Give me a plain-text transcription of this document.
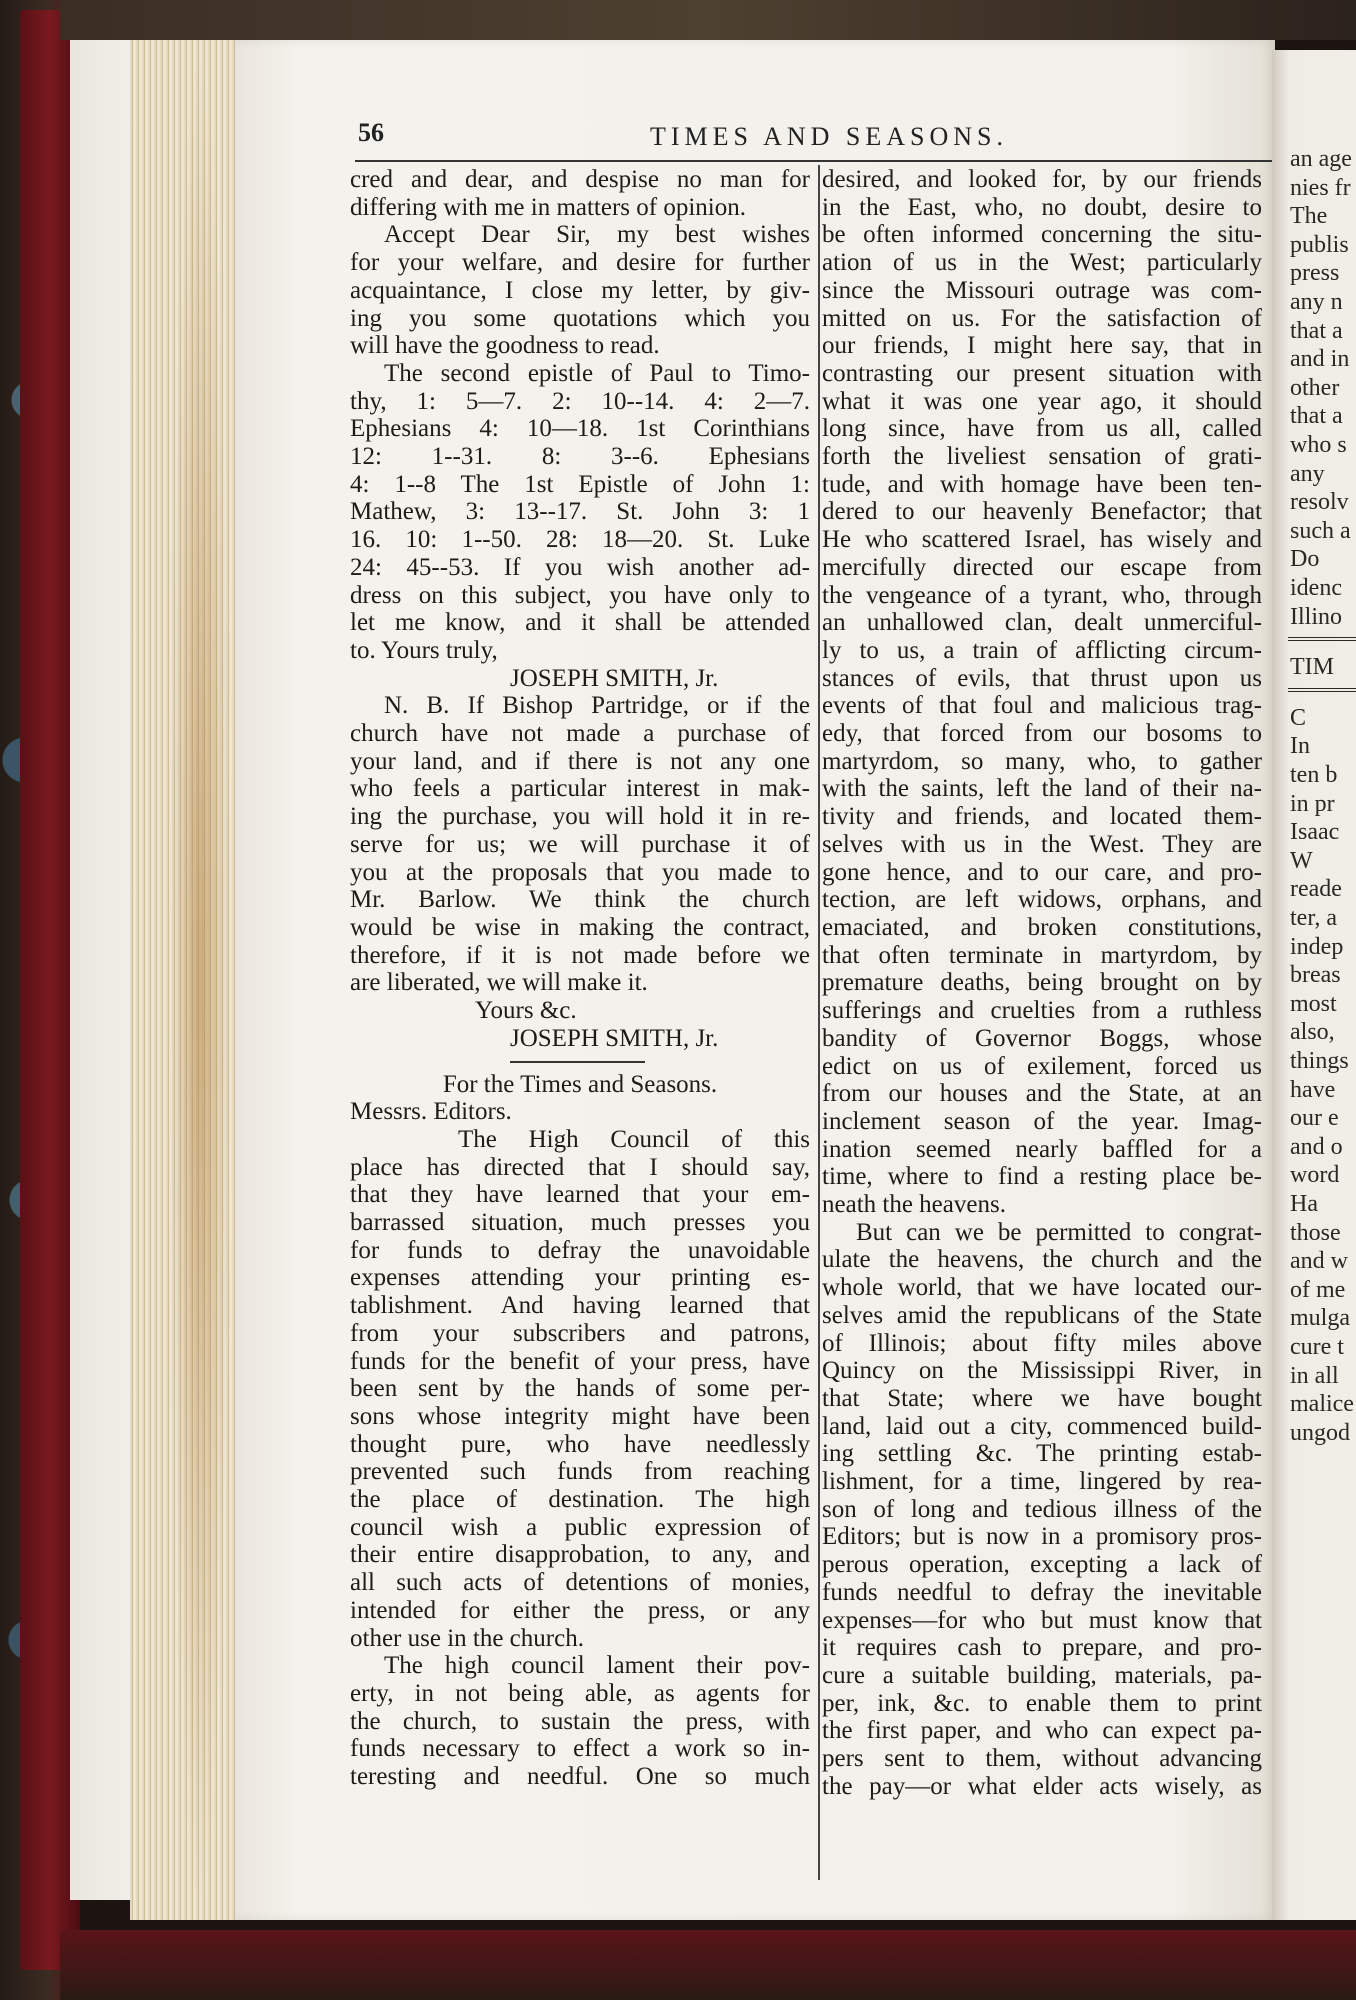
an age
nies fr
The
publis
press
any n
that a
and in
other
that a
who s
any
resolv
such a
Do
idenc
Illino
TIM
C
In
ten b
in pr
Isaac
W
reade
ter, a
indep
breas
most
also,
things
have
our e
and o
word
Ha
those
and w
of me
mulga
cure t
in all
malice
ungod
56	TIMES AND SEASONS.
cred and dear, and despise no man for
differing with me in matters of opinion.
Accept Dear Sir, my best wishes
for your welfare, and desire for further
acquaintance, I close my letter, by giv-
ing you some quotations which you
will have the goodness to read.
The second epistle of Paul to Timo-
thy, 1: 5—7. 2: 10--14. 4: 2—7.
Ephesians 4: 10—18. 1st Corinthians
12: 1--31. 8: 3--6. Ephesians
4: 1--8 The 1st Epistle of John 1:
Mathew, 3: 13--17. St. John 3: 1
16. 10: 1--50. 28: 18—20. St. Luke
24: 45--53. If you wish another ad-
dress on this subject, you have only to
let me know, and it shall be attended
to. Yours truly,
JOSEPH SMITH, Jr.
N. B. If Bishop Partridge, or if the
church have not made a purchase of
your land, and if there is not any one
who feels a particular interest in mak-
ing the purchase, you will hold it in re-
serve for us; we will purchase it of
you at the proposals that you made to
Mr. Barlow. We think the church
would be wise in making the contract,
therefore, if it is not made before we
are liberated, we will make it.
Yours &c.
JOSEPH SMITH, Jr.
For the Times and Seasons.
Messrs. Editors.
The High Council of this
place has directed that I should say,
that they have learned that your em-
barrassed situation, much presses you
for funds to defray the unavoidable
expenses attending your printing es-
tablishment. And having learned that
from your subscribers and patrons,
funds for the benefit of your press, have
been sent by the hands of some per-
sons whose integrity might have been
thought pure, who have needlessly
prevented such funds from reaching
the place of destination. The high
council wish a public expression of
their entire disapprobation, to any, and
all such acts of detentions of monies,
intended for either the press, or any
other use in the church.
The high council lament their pov-
erty, in not being able, as agents for
the church, to sustain the press, with
funds necessary to effect a work so in-
teresting and needful. One so much
desired, and looked for, by our friends
in the East, who, no doubt, desire to
be often informed concerning the situ-
ation of us in the West; particularly
since the Missouri outrage was com-
mitted on us. For the satisfaction of
our friends, I might here say, that in
contrasting our present situation with
what it was one year ago, it should
long since, have from us all, called
forth the liveliest sensation of grati-
tude, and with homage have been ten-
dered to our heavenly Benefactor; that
He who scattered Israel, has wisely and
mercifully directed our escape from
the vengeance of a tyrant, who, through
an unhallowed clan, dealt unmerciful-
ly to us, a train of afflicting circum-
stances of evils, that thrust upon us
events of that foul and malicious trag-
edy, that forced from our bosoms to
martyrdom, so many, who, to gather
with the saints, left the land of their na-
tivity and friends, and located them-
selves with us in the West. They are
gone hence, and to our care, and pro-
tection, are left widows, orphans, and
emaciated, and broken constitutions,
that often terminate in martyrdom, by
premature deaths, being brought on by
sufferings and cruelties from a ruthless
bandity of Governor Boggs, whose
edict on us of exilement, forced us
from our houses and the State, at an
inclement season of the year. Imag-
ination seemed nearly baffled for a
time, where to find a resting place be-
neath the heavens.
But can we be permitted to congrat-
ulate the heavens, the church and the
whole world, that we have located our-
selves amid the republicans of the State
of Illinois; about fifty miles above
Quincy on the Mississippi River, in
that State; where we have bought
land, laid out a city, commenced build-
ing settling &c. The printing estab-
lishment, for a time, lingered by rea-
son of long and tedious illness of the
Editors; but is now in a promisory pros-
perous operation, excepting a lack of
funds needful to defray the inevitable
expenses—for who but must know that
it requires cash to prepare, and pro-
cure a suitable building, materials, pa-
per, ink, &c. to enable them to print
the first paper, and who can expect pa-
pers sent to them, without advancing
the pay—or what elder acts wisely, as
